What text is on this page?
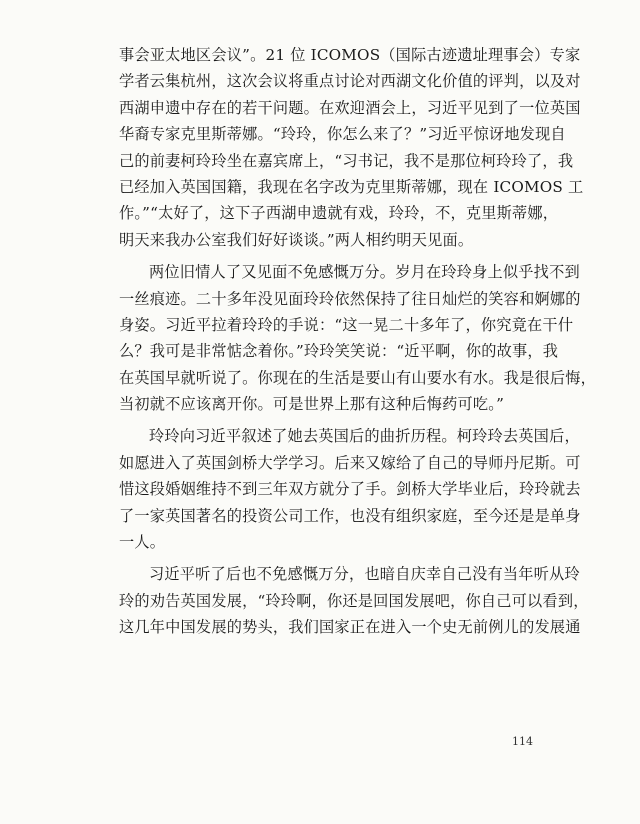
事会亚太地区会议”。21 位 ICOMOS（国际古迹遗址理事会）专家
学者云集杭州，这次会议将重点讨论对西湖文化价值的评判，以及对
西湖申遗中存在的若干问题。在欢迎酒会上，习近平见到了一位英国
华裔专家克里斯蒂娜。“玲玲，你怎么来了？”习近平惊讶地发现自
己的前妻柯玲玲坐在嘉宾席上，“习书记，我不是那位柯玲玲了，我
已经加入英国国籍，我现在名字改为克里斯蒂娜，现在 ICOMOS 工
作。”“太好了，这下子西湖申遗就有戏，玲玲，不，克里斯蒂娜，
明天来我办公室我们好好谈谈。”两人相约明天见面。
两位旧情人了又见面不免感慨万分。岁月在玲玲身上似乎找不到
一丝痕迹。二十多年没见面玲玲依然保持了往日灿烂的笑容和婀娜的
身姿。习近平拉着玲玲的手说：“这一晃二十多年了，你究竟在干什
么？我可是非常惦念着你。”玲玲笑笑说：“近平啊，你的故事，我
在英国早就听说了。你现在的生活是要山有山要水有水。我是很后悔，
当初就不应该离开你。可是世界上那有这种后悔药可吃。”
玲玲向习近平叙述了她去英国后的曲折历程。柯玲玲去英国后，
如愿进入了英国剑桥大学学习。后来又嫁给了自己的导师丹尼斯。可
惜这段婚姻维持不到三年双方就分了手。剑桥大学毕业后，玲玲就去
了一家英国著名的投资公司工作，也没有组织家庭，至今还是是单身
一人。
习近平听了后也不免感慨万分，也暗自庆幸自己没有当年听从玲
玲的劝告英国发展，“玲玲啊，你还是回国发展吧，你自己可以看到，
这几年中国发展的势头，我们国家正在进入一个史无前例儿的发展通
114
